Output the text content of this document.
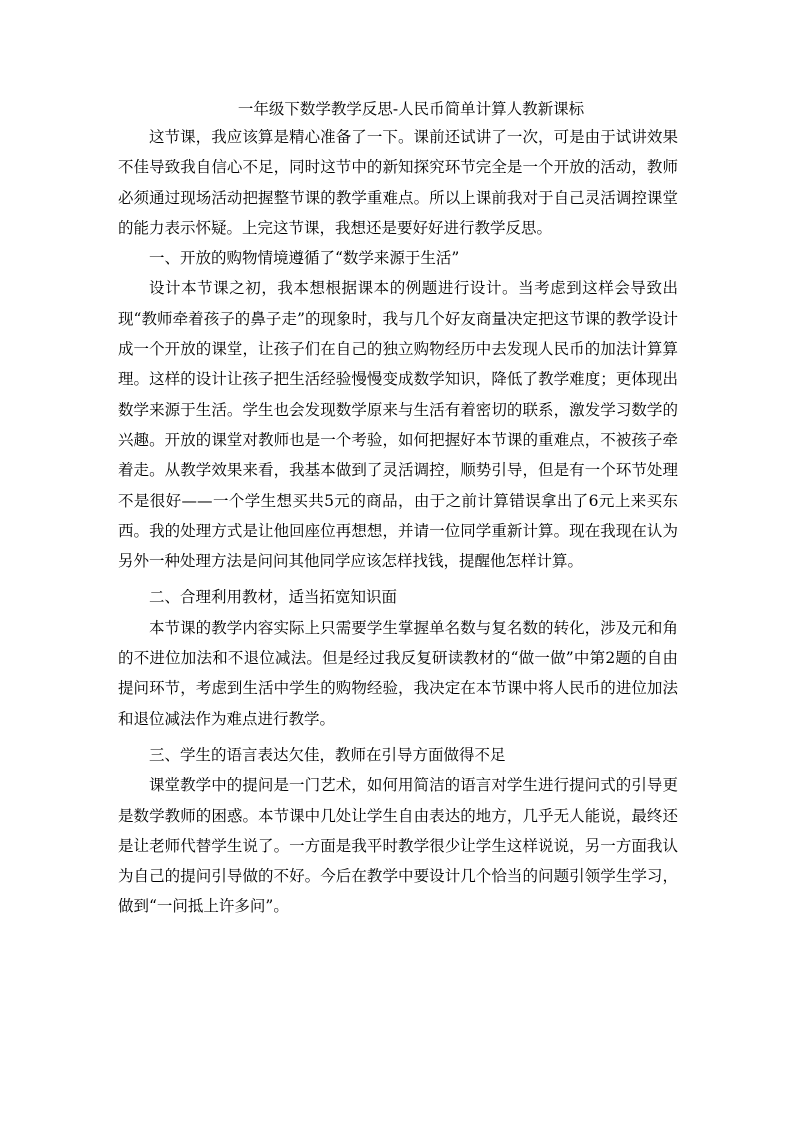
一年级下数学教学反思-人民币简单计算人教新课标

这节课，我应该算是精心准备了一下。课前还试讲了一次，可是由于试讲效果不佳导致我自信心不足，同时这节中的新知探究环节完全是一个开放的活动，教师必须通过现场活动把握整节课的教学重难点。所以上课前我对于自己灵活调控课堂的能力表示怀疑。上完这节课，我想还是要好好进行教学反思。

一、开放的购物情境遵循了“数学来源于生活”

设计本节课之初，我本想根据课本的例题进行设计。当考虑到这样会导致出现“教师牵着孩子的鼻子走”的现象时，我与几个好友商量决定把这节课的教学设计成一个开放的课堂，让孩子们在自己的独立购物经历中去发现人民币的加法计算算理。这样的设计让孩子把生活经验慢慢变成数学知识，降低了教学难度；更体现出数学来源于生活。学生也会发现数学原来与生活有着密切的联系，激发学习数学的兴趣。开放的课堂对教师也是一个考验，如何把握好本节课的重难点，不被孩子牵着走。从教学效果来看，我基本做到了灵活调控，顺势引导，但是有一个环节处理不是很好——一个学生想买共5元的商品，由于之前计算错误拿出了6元上来买东西。我的处理方式是让他回座位再想想，并请一位同学重新计算。现在我现在认为另外一种处理方法是问问其他同学应该怎样找钱，提醒他怎样计算。

二、合理利用教材，适当拓宽知识面

本节课的教学内容实际上只需要学生掌握单名数与复名数的转化，涉及元和角的不进位加法和不退位减法。但是经过我反复研读教材的“做一做”中第2题的自由提问环节，考虑到生活中学生的购物经验，我决定在本节课中将人民币的进位加法和退位减法作为难点进行教学。

三、学生的语言表达欠佳，教师在引导方面做得不足

课堂教学中的提问是一门艺术，如何用简洁的语言对学生进行提问式的引导更是数学教师的困惑。本节课中几处让学生自由表达的地方，几乎无人能说，最终还是让老师代替学生说了。一方面是我平时教学很少让学生这样说说，另一方面我认为自己的提问引导做的不好。今后在教学中要设计几个恰当的问题引领学生学习，做到“一问抵上许多问”。
